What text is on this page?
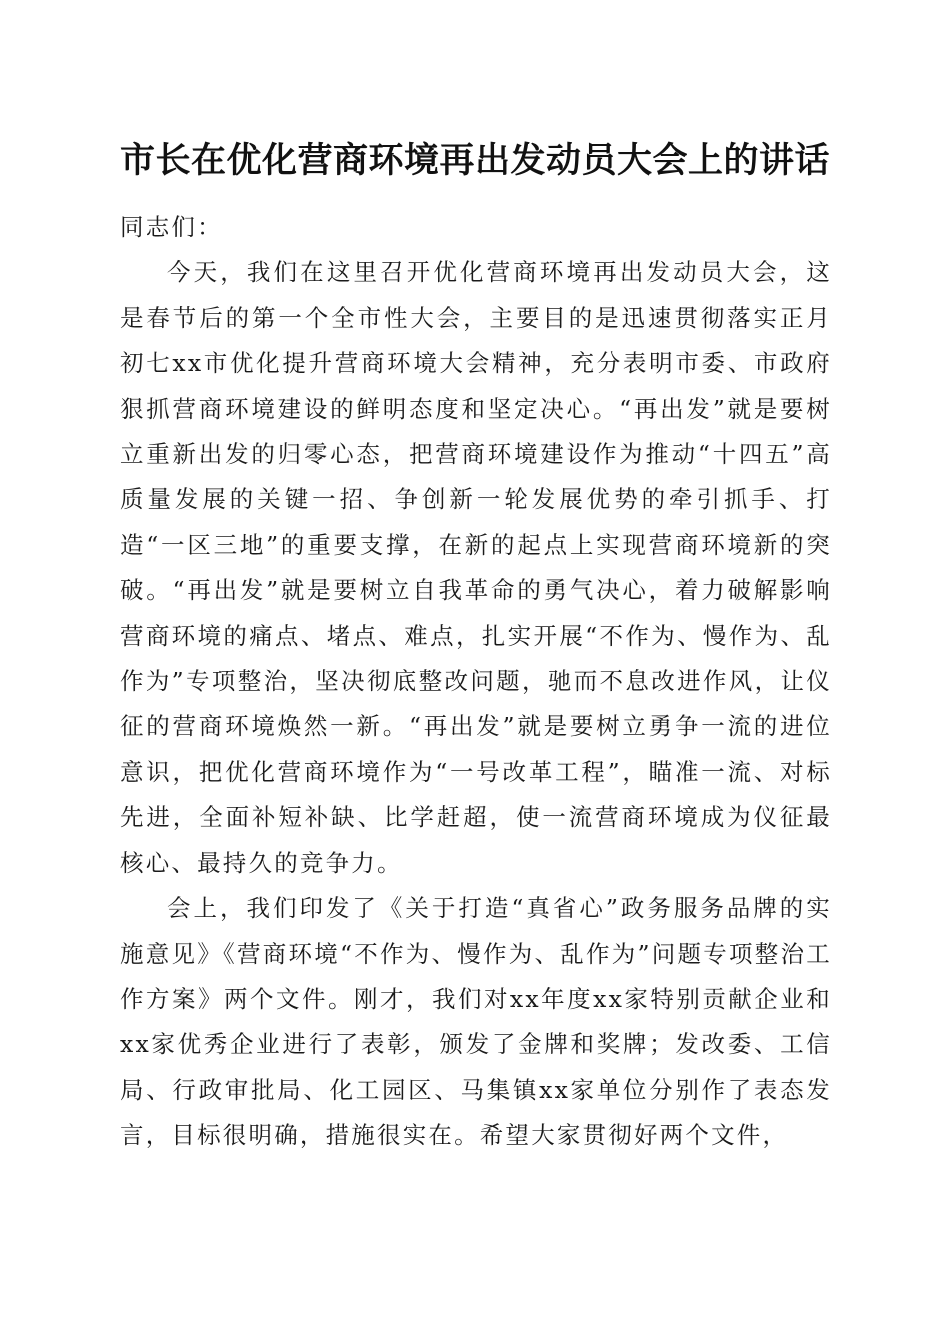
市长在优化营商环境再出发动员大会上的讲话

同志们：

今天，我们在这里召开优化营商环境再出发动员大会，这是春节后的第一个全市性大会，主要目的是迅速贯彻落实正月初七xx市优化提升营商环境大会精神，充分表明市委、市政府狠抓营商环境建设的鲜明态度和坚定决心。“再出发”就是要树立重新出发的归零心态，把营商环境建设作为推动“十四五”高质量发展的关键一招、争创新一轮发展优势的牵引抓手、打造“一区三地”的重要支撑，在新的起点上实现营商环境新的突破。“再出发”就是要树立自我革命的勇气决心，着力破解影响营商环境的痛点、堵点、难点，扎实开展“不作为、慢作为、乱作为”专项整治，坚决彻底整改问题，驰而不息改进作风，让仪征的营商环境焕然一新。“再出发”就是要树立勇争一流的进位意识，把优化营商环境作为“一号改革工程”，瞄准一流、对标先进，全面补短补缺、比学赶超，使一流营商环境成为仪征最核心、最持久的竞争力。

会上，我们印发了《关于打造“真省心”政务服务品牌的实施意见》《营商环境“不作为、慢作为、乱作为”问题专项整治工作方案》两个文件。刚才，我们对xx年度xx家特别贡献企业和xx家优秀企业进行了表彰，颁发了金牌和奖牌；发改委、工信局、行政审批局、化工园区、马集镇xx家单位分别作了表态发言，目标很明确，措施很实在。希望大家贯彻好两个文件，
